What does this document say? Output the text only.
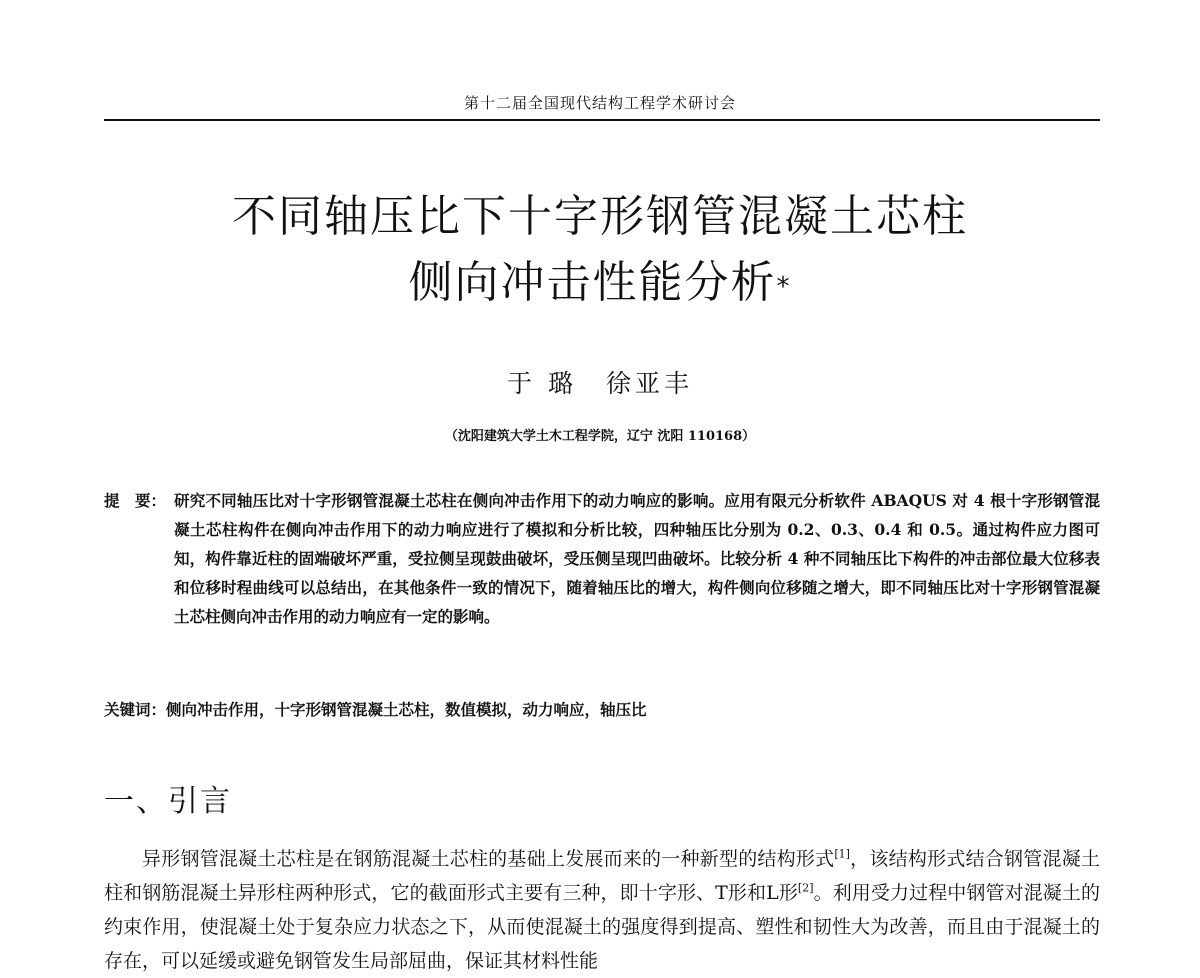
第十二届全国现代结构工程学术研讨会
不同轴压比下十字形钢管混凝土芯柱
侧向冲击性能分析*
于 璐　徐亚丰
（沈阳建筑大学土木工程学院，辽宁 沈阳 110168）
提　要： 研究不同轴压比对十字形钢管混凝土芯柱在侧向冲击作用下的动力响应的影响。应用有限元分析软件 ABAQUS 对 4 根十字形钢管混凝土芯柱构件在侧向冲击作用下的动力响应进行了模拟和分析比较，四种轴压比分别为 0.2、0.3、0.4 和 0.5。通过构件应力图可知，构件靠近柱的固端破坏严重，受拉侧呈现鼓曲破坏，受压侧呈现凹曲破坏。比较分析 4 种不同轴压比下构件的冲击部位最大位移表和位移时程曲线可以总结出，在其他条件一致的情况下，随着轴压比的增大，构件侧向位移随之增大，即不同轴压比对十字形钢管混凝土芯柱侧向冲击作用的动力响应有一定的影响。
关键词：侧向冲击作用，十字形钢管混凝土芯柱，数值模拟，动力响应，轴压比
一、引言

异形钢管混凝土芯柱是在钢筋混凝土芯柱的基础上发展而来的一种新型的结构形式[1]，该结构形式结合钢管混凝土柱和钢筋混凝土异形柱两种形式，它的截面形式主要有三种，即十字形、T形和L形[2]。利用受力过程中钢管对混凝土的约束作用，使混凝土处于复杂应力状态之下，从而使混凝土的强度得到提高、塑性和韧性大为改善，而且由于混凝土的存在，可以延缓或避免钢管发生局部屈曲，保证其材料性能
